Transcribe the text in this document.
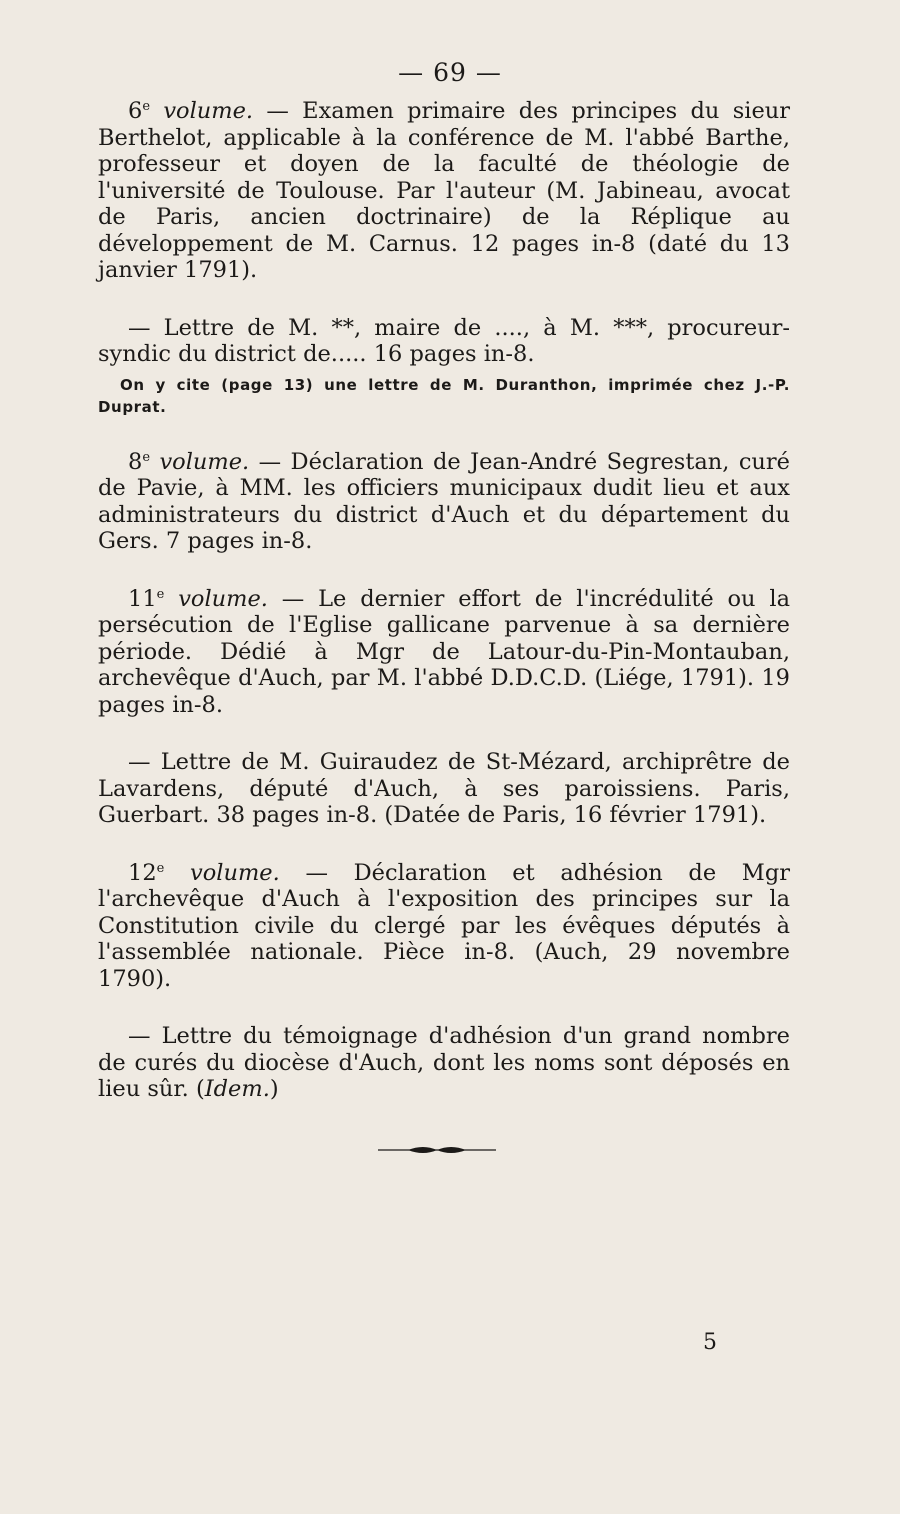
— 69 —

6e volume. — Examen primaire des principes du sieur Berthelot, applicable à la conférence de M. l'abbé Barthe, professeur et doyen de la faculté de théologie de l'université de Toulouse. Par l'auteur (M. Jabineau, avocat de Paris, ancien doctrinaire) de la Réplique au développement de M. Carnus. 12 pages in-8 (daté du 13 janvier 1791).

— Lettre de M. **, maire de ...., à M. ***, procureur-syndic du district de..... 16 pages in-8.

On y cite (page 13) une lettre de M. Duranthon, imprimée chez J.-P. Duprat.

8e volume. — Déclaration de Jean-André Segrestan, curé de Pavie, à MM. les officiers municipaux dudit lieu et aux administrateurs du district d'Auch et du département du Gers. 7 pages in-8.

11e volume. — Le dernier effort de l'incrédulité ou la persécution de l'Eglise gallicane parvenue à sa dernière période. Dédié à Mgr de Latour-du-Pin-Montauban, archevêque d'Auch, par M. l'abbé D.D.C.D. (Liége, 1791). 19 pages in-8.

— Lettre de M. Guiraudez de St-Mézard, archiprêtre de Lavardens, député d'Auch, à ses paroissiens. Paris, Guerbart. 38 pages in-8. (Datée de Paris, 16 février 1791).

12e volume. — Déclaration et adhésion de Mgr l'archevêque d'Auch à l'exposition des principes sur la Constitution civile du clergé par les évêques députés à l'assemblée nationale. Pièce in-8. (Auch, 29 novembre 1790).

— Lettre du témoignage d'adhésion d'un grand nombre de curés du diocèse d'Auch, dont les noms sont déposés en lieu sûr. (Idem.)

5
